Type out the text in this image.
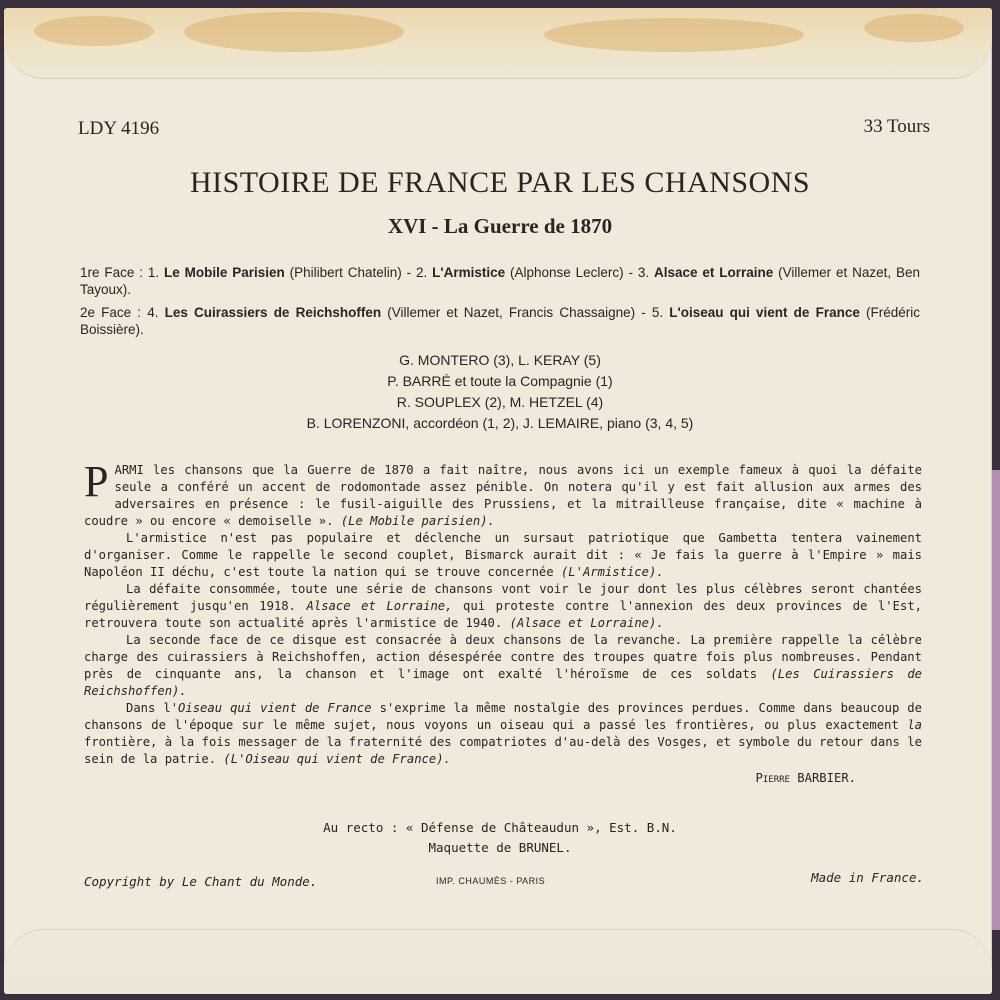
LDY 4196	33 Tours
HISTOIRE DE FRANCE PAR LES CHANSONS
XVI - La Guerre de 1870

1re Face : 1. Le Mobile Parisien (Philibert Chatelin) - 2. L'Armistice (Alphonse Leclerc) - 3. Alsace et Lorraine (Villemer et Nazet, Ben Tayoux).

2e Face : 4. Les Cuirassiers de Reichshoffen (Villemer et Nazet, Francis Chassaigne) - 5. L'oiseau qui vient de France (Frédéric Boissière).

G. MONTERO (3), L. KERAY (5)
P. BARRÉ et toute la Compagnie (1)
R. SOUPLEX (2), M. HETZEL (4)
B. LORENZONI, accordéon (1, 2), J. LEMAIRE, piano (3, 4, 5)

PARMI les chansons que la Guerre de 1870 a fait naître, nous avons ici un exemple fameux à quoi la défaite seule a conféré un accent de rodomontade assez pénible. On notera qu'il y est fait allusion aux armes des adversaires en présence : le fusil-aiguille des Prussiens, et la mitrailleuse française, dite « machine à coudre » ou encore « demoiselle ». (Le Mobile parisien).

L'armistice n'est pas populaire et déclenche un sursaut patriotique que Gambetta tentera vainement d'organiser. Comme le rappelle le second couplet, Bismarck aurait dit : « Je fais la guerre à l'Empire » mais Napoléon II déchu, c'est toute la nation qui se trouve concernée (L'Armistice).

La défaite consommée, toute une série de chansons vont voir le jour dont les plus célèbres seront chantées régulièrement jusqu'en 1918. Alsace et Lorraine, qui proteste contre l'annexion des deux provinces de l'Est, retrouvera toute son actualité après l'armistice de 1940. (Alsace et Lorraine).

La seconde face de ce disque est consacrée à deux chansons de la revanche. La première rappelle la célèbre charge des cuirassiers à Reichshoffen, action désespérée contre des troupes quatre fois plus nombreuses. Pendant près de cinquante ans, la chanson et l'image ont exalté l'héroïsme de ces soldats (Les Cuirassiers de Reichshoffen).

Dans l'Oiseau qui vient de France s'exprime la même nostalgie des provinces perdues. Comme dans beaucoup de chansons de l'époque sur le même sujet, nous voyons un oiseau qui a passé les frontières, ou plus exactement la frontière, à la fois messager de la fraternité des compatriotes d'au-delà des Vosges, et symbole du retour dans le sein de la patrie. (L'Oiseau qui vient de France).

Pierre BARBIER.
Au recto : « Défense de Châteaudun », Est. B.N.
Maquette de BRUNEL.
Copyright by Le Chant du Monde.	IMP. CHAUMÈS - PARIS	Made in France.
